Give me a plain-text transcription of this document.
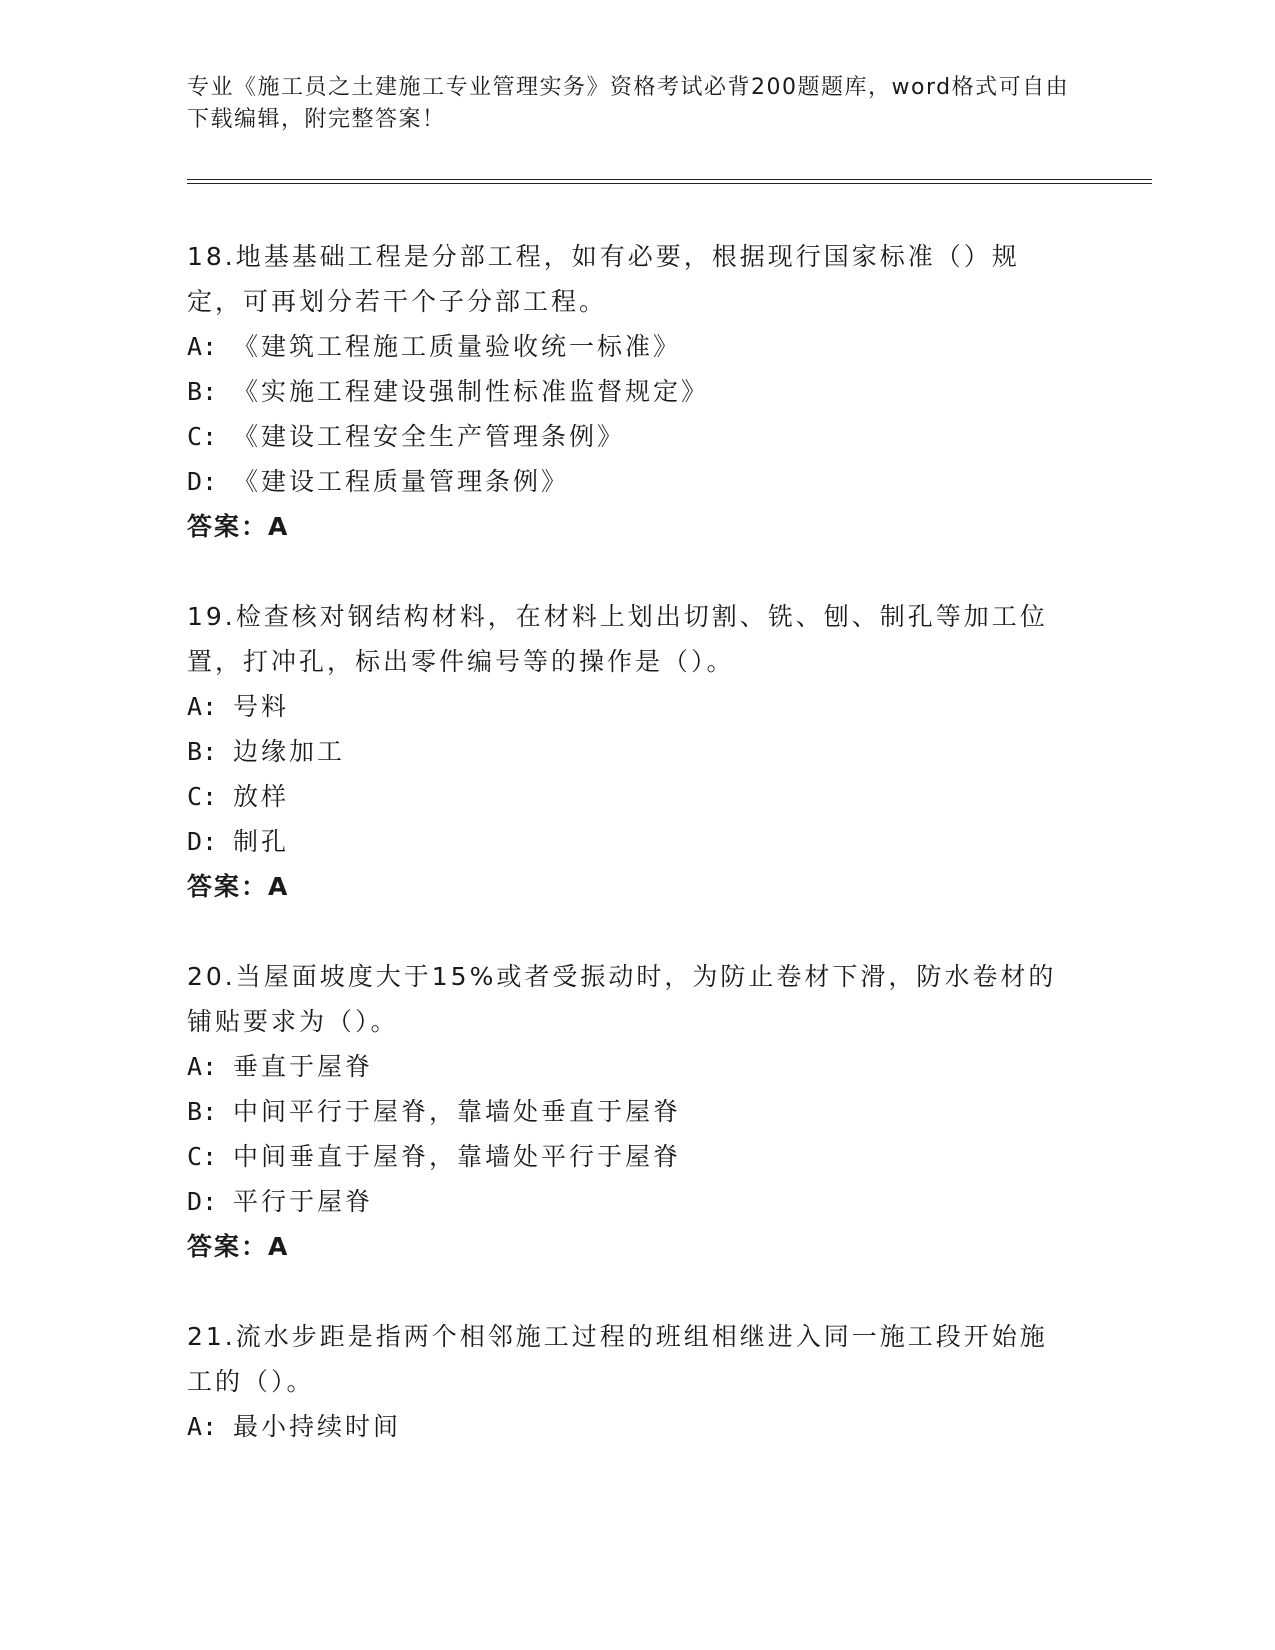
专业《施工员之土建施工专业管理实务》资格考试必背200题题库，word格式可自由下载编辑，附完整答案！
18.地基基础工程是分部工程，如有必要，根据现行国家标准（）规定，可再划分若干个子分部工程。
A: 《建筑工程施工质量验收统一标准》
B: 《实施工程建设强制性标准监督规定》
C: 《建设工程安全生产管理条例》
D: 《建设工程质量管理条例》
答案：A
19.检查核对钢结构材料，在材料上划出切割、铣、刨、制孔等加工位置，打冲孔，标出零件编号等的操作是（）。
A: 号料
B: 边缘加工
C: 放样
D: 制孔
答案：A
20.当屋面坡度大于15%或者受振动时，为防止卷材下滑，防水卷材的铺贴要求为（）。
A: 垂直于屋脊
B: 中间平行于屋脊，靠墙处垂直于屋脊
C: 中间垂直于屋脊，靠墙处平行于屋脊
D: 平行于屋脊
答案：A
21.流水步距是指两个相邻施工过程的班组相继进入同一施工段开始施工的（）。
A: 最小持续时间
